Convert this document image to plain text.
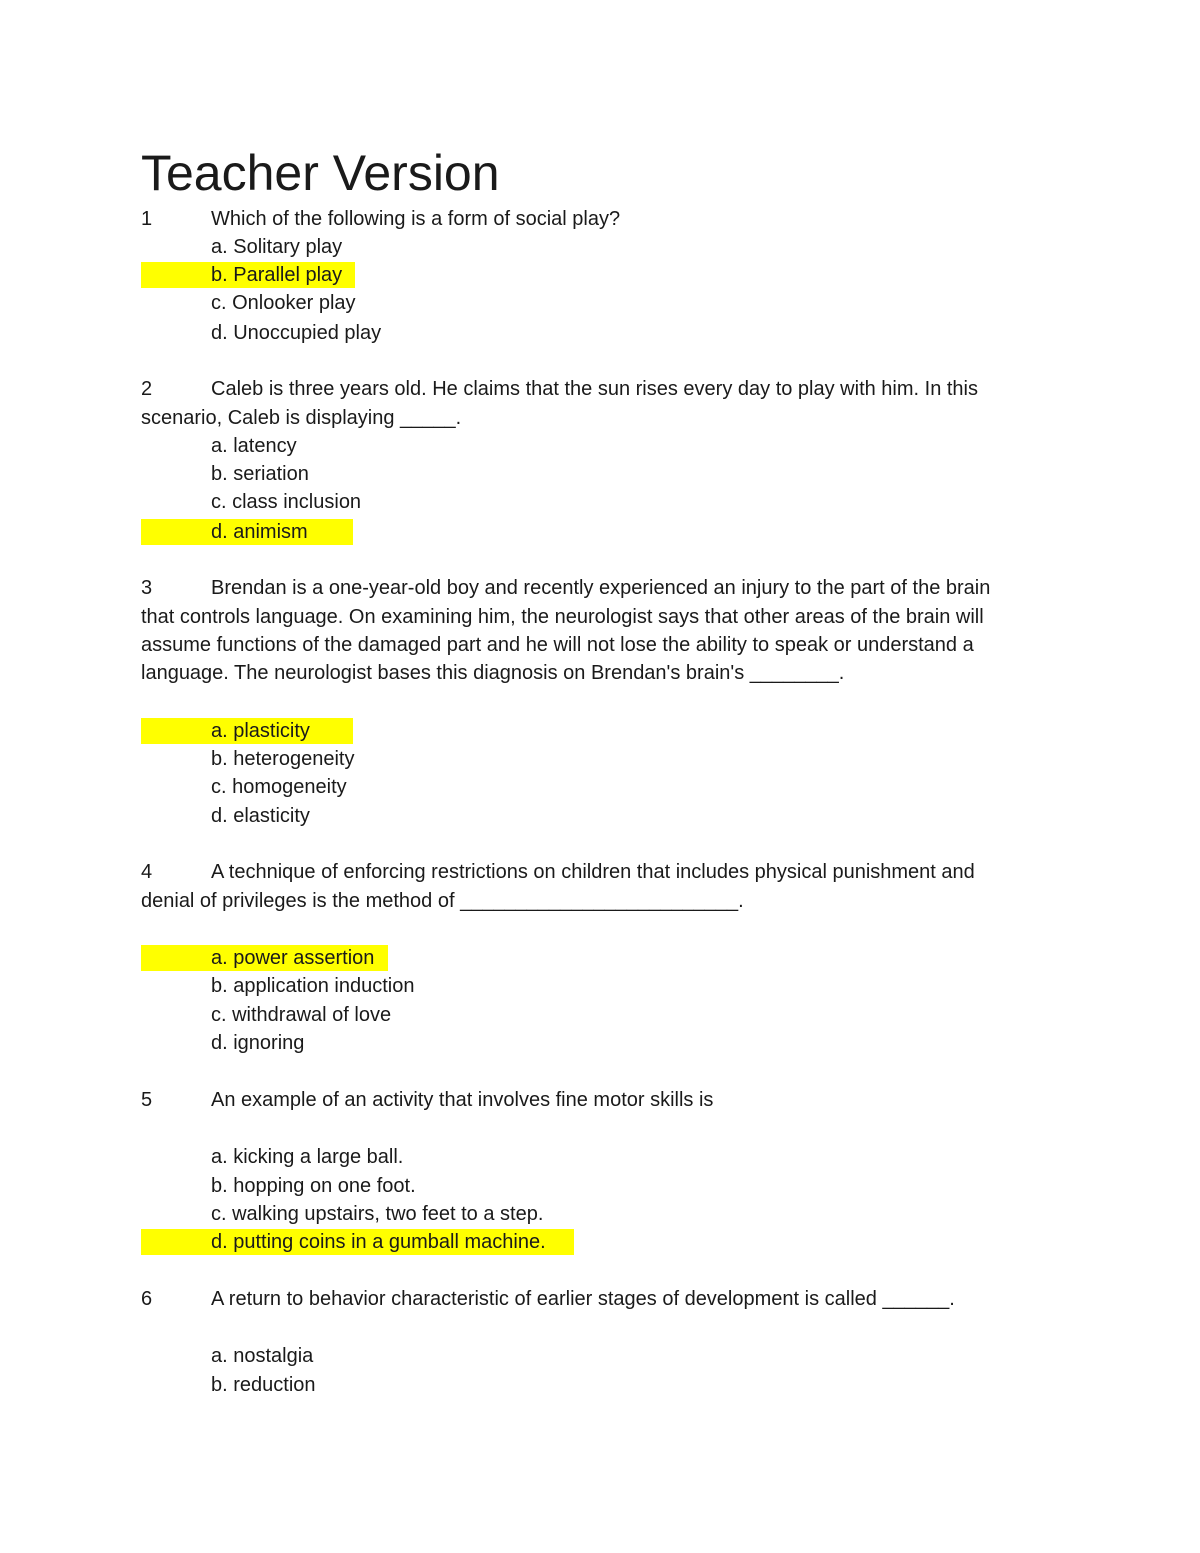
Teacher Version
1	Which of the following is a form of social play?
a. Solitary play
b. Parallel play
c. Onlooker play
d. Unoccupied play
2	Caleb is three years old. He claims that the sun rises every day to play with him. In this
scenario, Caleb is displaying _____.
a. latency
b. seriation
c. class inclusion
d. animism
3	Brendan is a one-year-old boy and recently experienced an injury to the part of the brain
that controls language. On examining him, the neurologist says that other areas of the brain will
assume functions of the damaged part and he will not lose the ability to speak or understand a
language. The neurologist bases this diagnosis on Brendan's brain's ________.
a. plasticity
b. heterogeneity
c. homogeneity
d. elasticity
4	A technique of enforcing restrictions on children that includes physical punishment and
denial of privileges is the method of _________________________.
a. power assertion
b. application induction
c. withdrawal of love
d. ignoring
5	An example of an activity that involves fine motor skills is
a. kicking a large ball.
b. hopping on one foot.
c. walking upstairs, two feet to a step.
d. putting coins in a gumball machine.
6	A return to behavior characteristic of earlier stages of development is called ______.
a. nostalgia
b. reduction
